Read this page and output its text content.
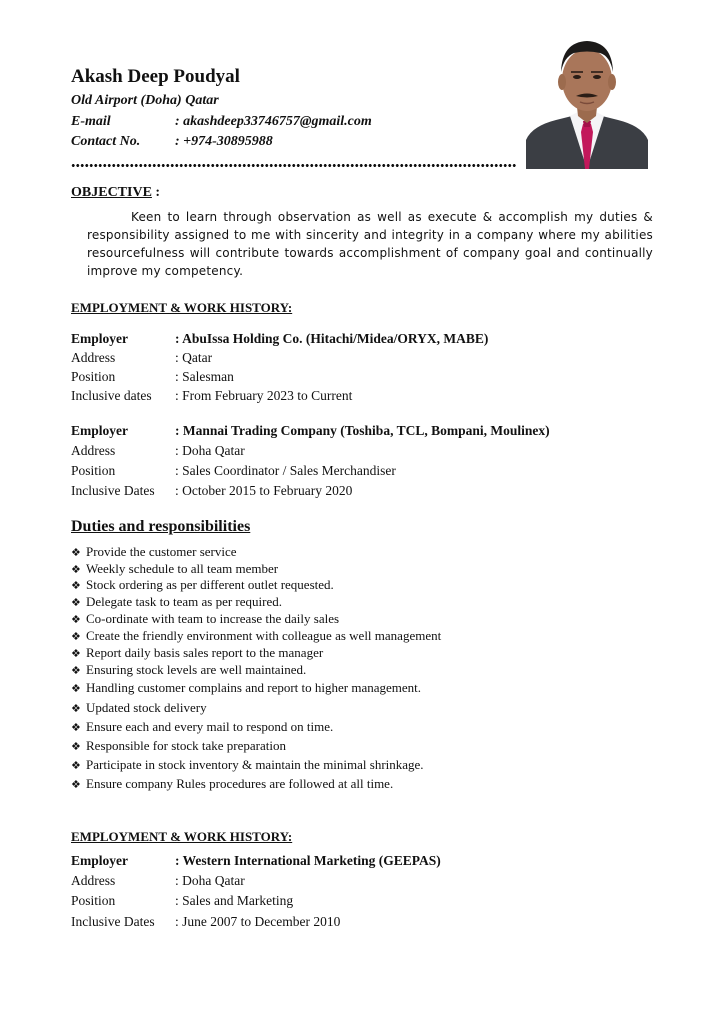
Akash Deep Poudyal
Old Airport (Doha) Qatar
E-mail	: akashdeep33746757@gmail.com
Contact No. : +974-30895988
OBJECTIVE :
Keen to learn through observation as well as execute & accomplish my duties & responsibility assigned to me with sincerity and integrity in a company where my abilities resourcefulness will contribute towards accomplishment of company goal and continually improve my competency.
EMPLOYMENT & WORK HISTORY:
Employer	: AbuIssa Holding Co. (Hitachi/Midea/ORYX, MABE)
Address	: Qatar
Position	: Salesman
Inclusive dates : From February 2023 to Current
Employer	: Mannai Trading Company (Toshiba, TCL, Bompani, Moulinex)
Address	: Doha Qatar
Position	: Sales Coordinator / Sales Merchandiser
Inclusive Dates : October 2015 to February 2020
Duties and responsibilities
❖ Provide the customer service
❖ Weekly schedule to all team member
❖ Stock ordering as per different outlet requested.
❖ Delegate task to team as per required.
❖ Co-ordinate with team to increase the daily sales
❖ Create the friendly environment with colleague as well management
❖ Report daily basis sales report to the manager
❖ Ensuring stock levels are well maintained.
❖ Handling customer complains and report to higher management.
❖ Updated stock delivery
❖ Ensure each and every mail to respond on time.
❖ Responsible for stock take preparation
❖ Participate in stock inventory & maintain the minimal shrinkage.
❖ Ensure company Rules procedures are followed at all time.
EMPLOYMENT & WORK HISTORY:
Employer	: Western International Marketing (GEEPAS)
Address	: Doha Qatar
Position	: Sales and Marketing
Inclusive Dates : June 2007 to December 2010
